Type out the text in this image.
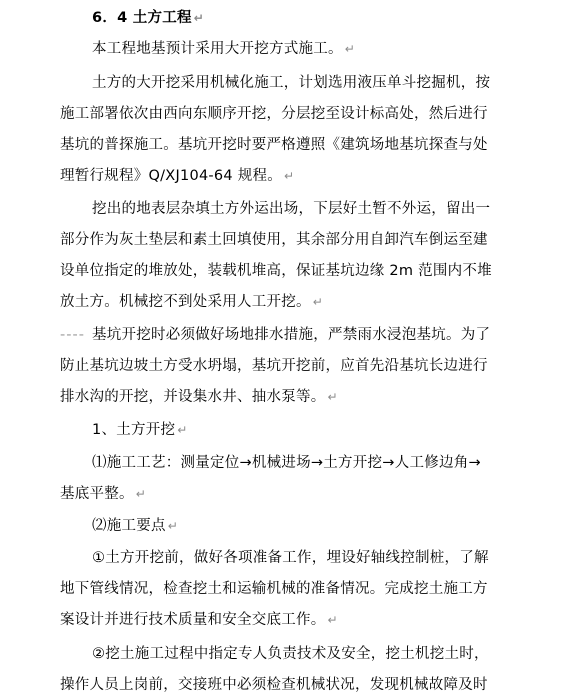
6．4 土方工程 ↵
本工程地基预计采用大开挖方式施工。 ↵
土方的大开挖采用机械化施工，计划选用液压单斗挖掘机，按
施工部署依次由西向东顺序开挖，分层挖至设计标高处，然后进行
基坑的普探施工。基坑开挖时要严格遵照《建筑场地基坑探查与处
理暂行规程》Q/XJ104-64 规程。 ↵
挖出的地表层杂填土方外运出场，下层好土暂不外运，留出一
部分作为灰土垫层和素土回填使用，其余部分用自卸汽车倒运至建
设单位指定的堆放处，装载机堆高，保证基坑边缘 2m 范围内不堆
放土方。机械挖不到处采用人工开挖。 ↵
---- 基坑开挖时必须做好场地排水措施，严禁雨水浸泡基坑。为了
防止基坑边坡土方受水坍塌，基坑开挖前，应首先沿基坑长边进行
排水沟的开挖，并设集水井、抽水泵等。 ↵
1、土方开挖 ↵
⑴施工工艺：测量定位→机械进场→土方开挖→人工修边角→
基底平整。 ↵
⑵施工要点 ↵
①土方开挖前，做好各项准备工作，埋设好轴线控制桩，了解
地下管线情况，检查挖土和运输机械的准备情况。完成挖土施工方
案设计并进行技术质量和安全交底工作。 ↵
②挖土施工过程中指定专人负责技术及安全，挖土机挖土时，
操作人员上岗前，交接班中必须检查机械状况，发现机械故障及时
